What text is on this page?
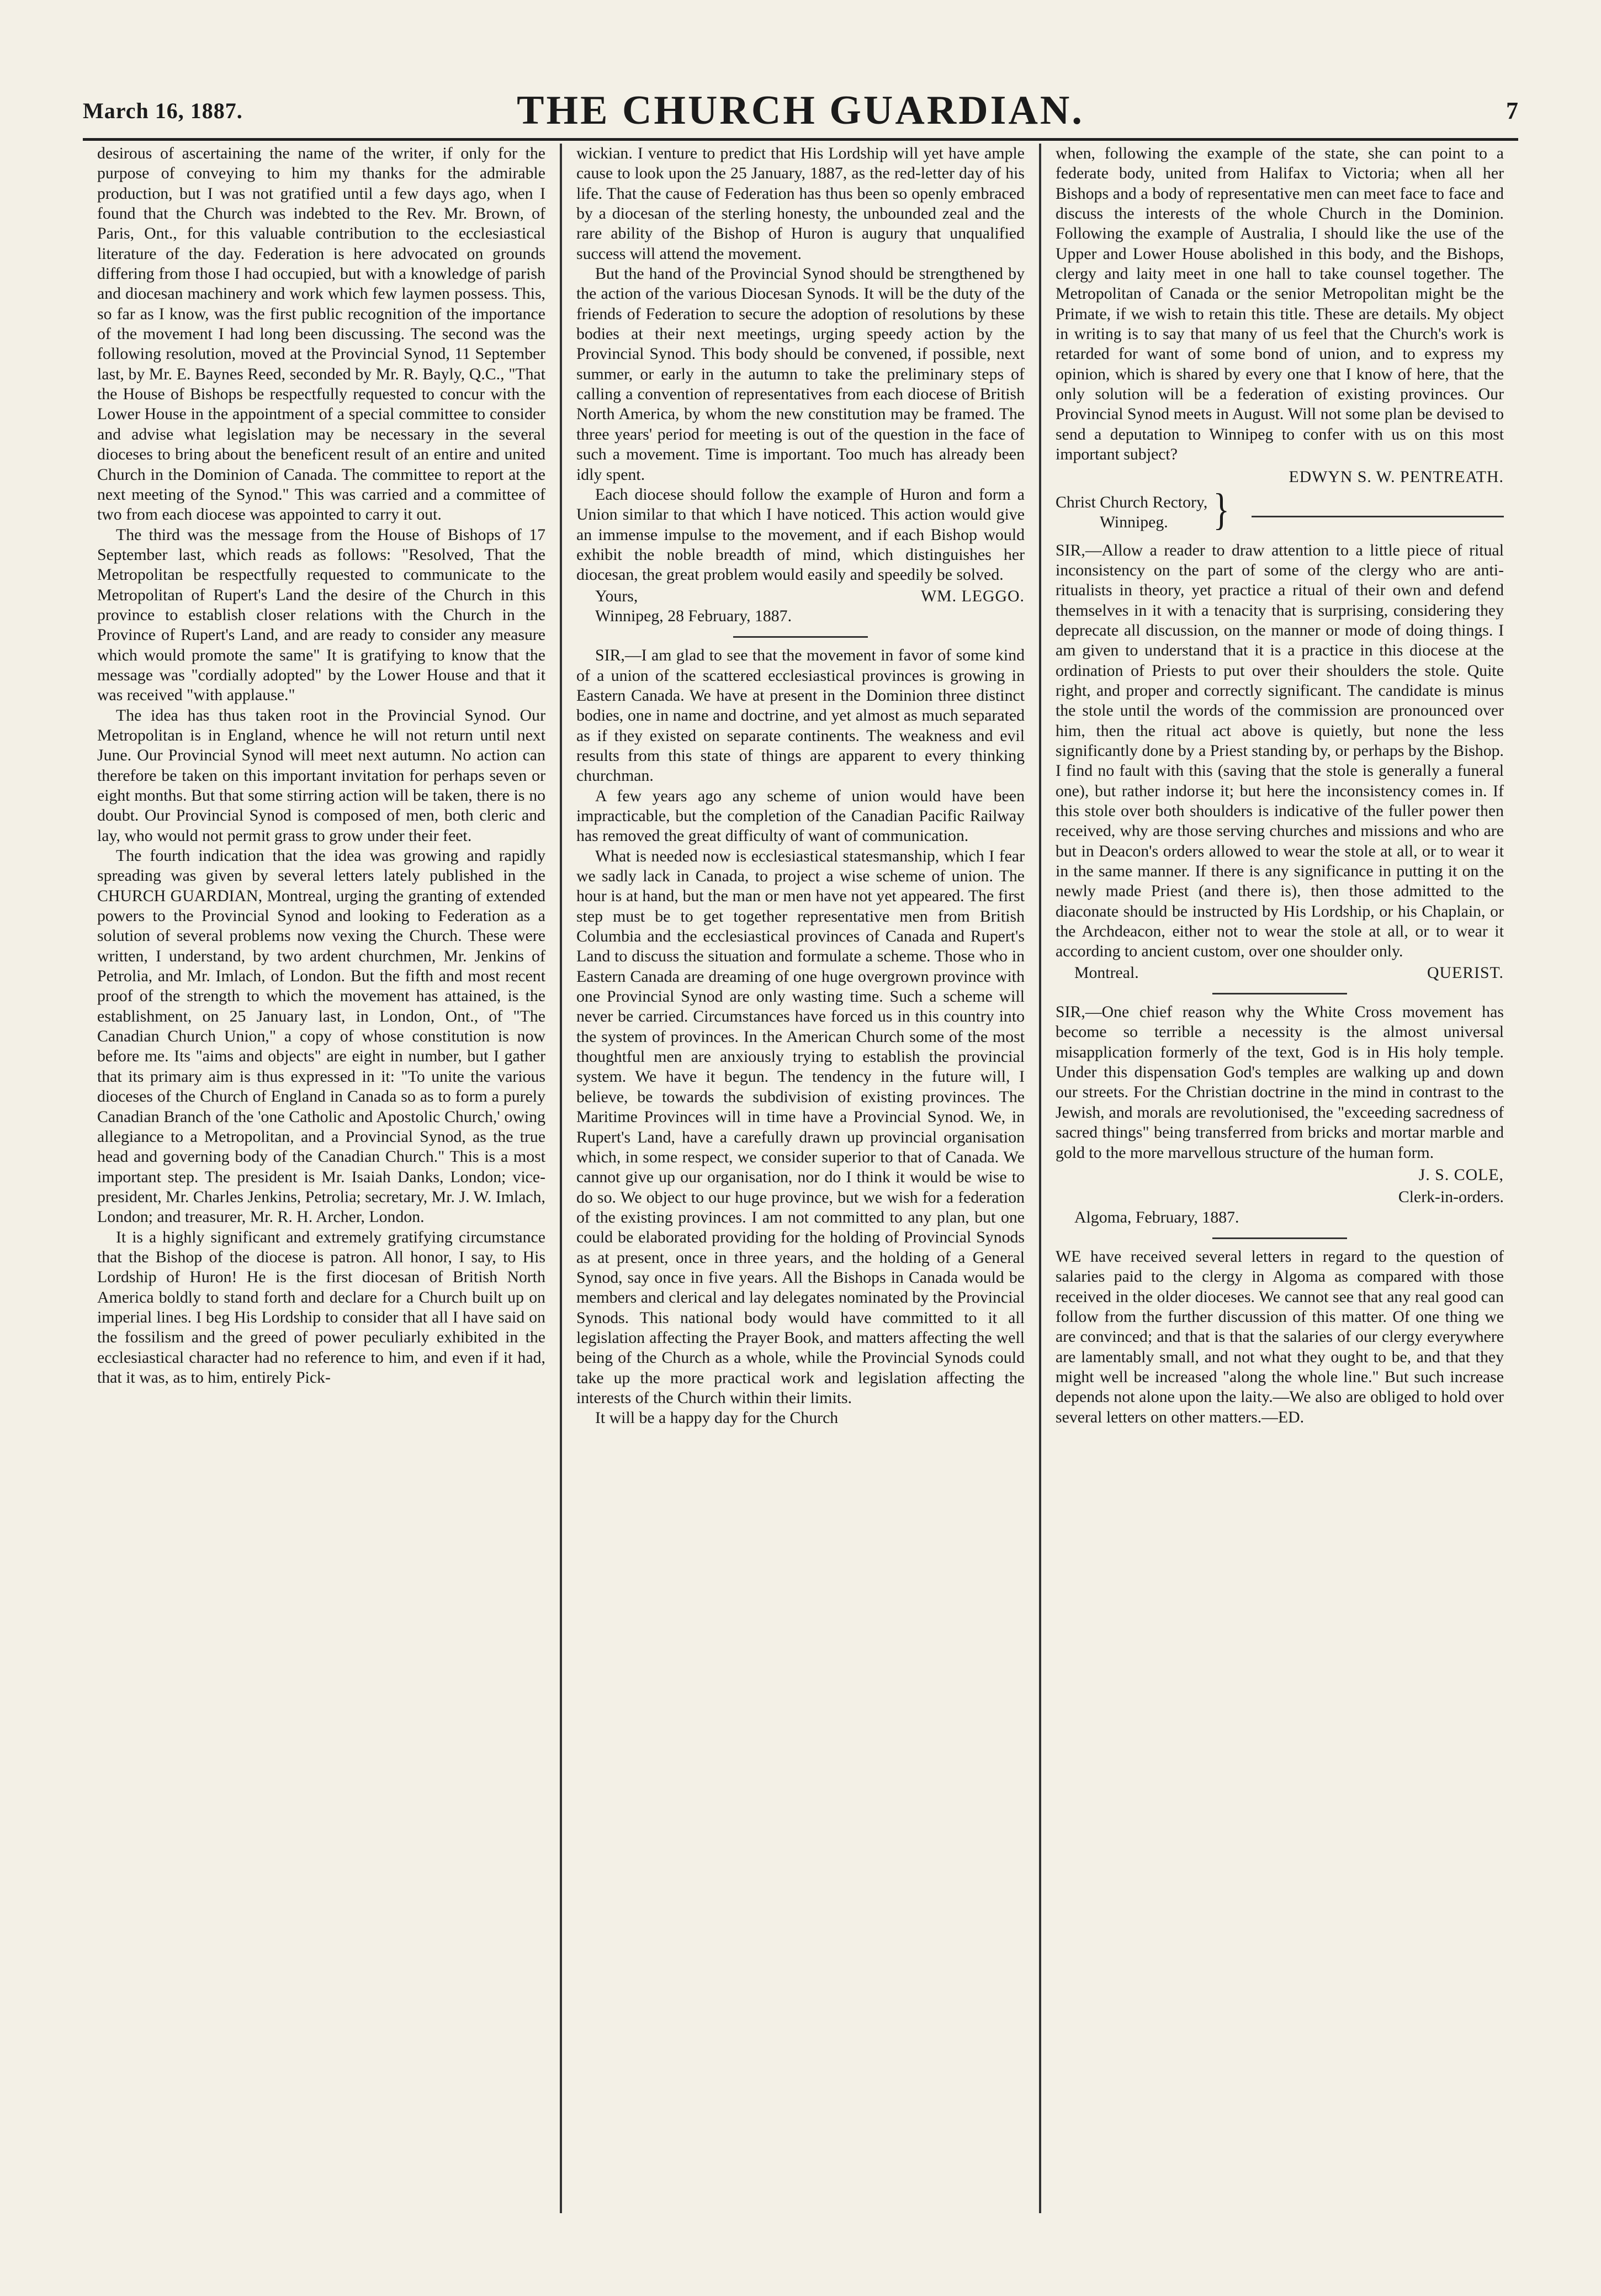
March 16, 1887.	THE CHURCH GUARDIAN.	7

desirous of ascertaining the name of the writer, if only for the purpose of conveying to him my thanks for the admirable production, but I was not gratified until a few days ago, when I found that the Church was indebted to the Rev. Mr. Brown, of Paris, Ont., for this valuable contribution to the ecclesiastical literature of the day. Federation is here advocated on grounds differing from those I had occupied, but with a knowledge of parish and diocesan machinery and work which few laymen possess. This, so far as I know, was the first public recognition of the importance of the movement I had long been discussing. The second was the following resolution, moved at the Provincial Synod, 11 September last, by Mr. E. Baynes Reed, seconded by Mr. R. Bayly, Q.C., "That the House of Bishops be respectfully requested to concur with the Lower House in the appointment of a special committee to consider and advise what legislation may be necessary in the several dioceses to bring about the beneficent result of an entire and united Church in the Dominion of Canada. The committee to report at the next meeting of the Synod." This was carried and a committee of two from each diocese was appointed to carry it out.

The third was the message from the House of Bishops of 17 September last, which reads as follows: "Resolved, That the Metropolitan be respectfully requested to communicate to the Metropolitan of Rupert's Land the desire of the Church in this province to establish closer relations with the Church in the Province of Rupert's Land, and are ready to consider any measure which would promote the same" It is gratifying to know that the message was "cordially adopted" by the Lower House and that it was received "with applause."

The idea has thus taken root in the Provincial Synod. Our Metropolitan is in England, whence he will not return until next June. Our Provincial Synod will meet next autumn. No action can therefore be taken on this important invitation for perhaps seven or eight months. But that some stirring action will be taken, there is no doubt. Our Provincial Synod is composed of men, both cleric and lay, who would not permit grass to grow under their feet.

The fourth indication that the idea was growing and rapidly spreading was given by several letters lately published in the CHURCH GUARDIAN, Montreal, urging the granting of extended powers to the Provincial Synod and looking to Federation as a solution of several problems now vexing the Church. These were written, I understand, by two ardent churchmen, Mr. Jenkins of Petrolia, and Mr. Imlach, of London. But the fifth and most recent proof of the strength to which the movement has attained, is the establishment, on 25 January last, in London, Ont., of "The Canadian Church Union," a copy of whose constitution is now before me. Its "aims and objects" are eight in number, but I gather that its primary aim is thus expressed in it: "To unite the various dioceses of the Church of England in Canada so as to form a purely Canadian Branch of the 'one Catholic and Apostolic Church,' owing allegiance to a Metropolitan, and a Provincial Synod, as the true head and governing body of the Canadian Church." This is a most important step. The president is Mr. Isaiah Danks, London; vice-president, Mr. Charles Jenkins, Petrolia; secretary, Mr. J. W. Imlach, London; and treasurer, Mr. R. H. Archer, London.

It is a highly significant and extremely gratifying circumstance that the Bishop of the diocese is patron. All honor, I say, to His Lordship of Huron! He is the first diocesan of British North America boldly to stand forth and declare for a Church built up on imperial lines. I beg His Lordship to consider that all I have said on the fossilism and the greed of power peculiarly exhibited in the ecclesiastical character had no reference to him, and even if it had, that it was, as to him, entirely Pick-

wickian. I venture to predict that His Lordship will yet have ample cause to look upon the 25 January, 1887, as the red-letter day of his life. That the cause of Federation has thus been so openly embraced by a diocesan of the sterling honesty, the unbounded zeal and the rare ability of the Bishop of Huron is augury that unqualified success will attend the movement.

But the hand of the Provincial Synod should be strengthened by the action of the various Diocesan Synods. It will be the duty of the friends of Federation to secure the adoption of resolutions by these bodies at their next meetings, urging speedy action by the Provincial Synod. This body should be convened, if possible, next summer, or early in the autumn to take the preliminary steps of calling a convention of representatives from each diocese of British North America, by whom the new constitution may be framed. The three years' period for meeting is out of the question in the face of such a movement. Time is important. Too much has already been idly spent.

Each diocese should follow the example of Huron and form a Union similar to that which I have noticed. This action would give an immense impulse to the movement, and if each Bishop would exhibit the noble breadth of mind, which distinguishes her diocesan, the great problem would easily and speedily be solved.

Yours,	WM. LEGGO.
Winnipeg, 28 February, 1887.

SIR,—I am glad to see that the movement in favor of some kind of a union of the scattered ecclesiastical provinces is growing in Eastern Canada. We have at present in the Dominion three distinct bodies, one in name and doctrine, and yet almost as much separated as if they existed on separate continents. The weakness and evil results from this state of things are apparent to every thinking churchman.

A few years ago any scheme of union would have been impracticable, but the completion of the Canadian Pacific Railway has removed the great difficulty of want of communication.

What is needed now is ecclesiastical statesmanship, which I fear we sadly lack in Canada, to project a wise scheme of union. The hour is at hand, but the man or men have not yet appeared. The first step must be to get together representative men from British Columbia and the ecclesiastical provinces of Canada and Rupert's Land to discuss the situation and formulate a scheme. Those who in Eastern Canada are dreaming of one huge overgrown province with one Provincial Synod are only wasting time. Such a scheme will never be carried. Circumstances have forced us in this country into the system of provinces. In the American Church some of the most thoughtful men are anxiously trying to establish the provincial system. We have it begun. The tendency in the future will, I believe, be towards the subdivision of existing provinces. The Maritime Provinces will in time have a Provincial Synod. We, in Rupert's Land, have a carefully drawn up provincial organisation which, in some respect, we consider superior to that of Canada. We cannot give up our organisation, nor do I think it would be wise to do so. We object to our huge province, but we wish for a federation of the existing provinces. I am not committed to any plan, but one could be elaborated providing for the holding of Provincial Synods as at present, once in three years, and the holding of a General Synod, say once in five years. All the Bishops in Canada would be members and clerical and lay delegates nominated by the Provincial Synods. This national body would have committed to it all legislation affecting the Prayer Book, and matters affecting the well being of the Church as a whole, while the Provincial Synods could take up the more practical work and legislation affecting the interests of the Church within their limits.

It will be a happy day for the Church

when, following the example of the state, she can point to a federate body, united from Halifax to Victoria; when all her Bishops and a body of representative men can meet face to face and discuss the interests of the whole Church in the Dominion. Following the example of Australia, I should like the use of the Upper and Lower House abolished in this body, and the Bishops, clergy and laity meet in one hall to take counsel together. The Metropolitan of Canada or the senior Metropolitan might be the Primate, if we wish to retain this title. These are details. My object in writing is to say that many of us feel that the Church's work is retarded for want of some bond of union, and to express my opinion, which is shared by every one that I know of here, that the only solution will be a federation of existing provinces. Our Provincial Synod meets in August. Will not some plan be devised to send a deputation to Winnipeg to confer with us on this most important subject?

EDWYN S. W. PENTREATH.
Christ Church Rectory,
Winnipeg.	}

SIR,—Allow a reader to draw attention to a little piece of ritual inconsistency on the part of some of the clergy who are anti-ritualists in theory, yet practice a ritual of their own and defend themselves in it with a tenacity that is surprising, considering they deprecate all discussion, on the manner or mode of doing things. I am given to understand that it is a practice in this diocese at the ordination of Priests to put over their shoulders the stole. Quite right, and proper and correctly significant. The candidate is minus the stole until the words of the commission are pronounced over him, then the ritual act above is quietly, but none the less significantly done by a Priest standing by, or perhaps by the Bishop. I find no fault with this (saving that the stole is generally a funeral one), but rather indorse it; but here the inconsistency comes in. If this stole over both shoulders is indicative of the fuller power then received, why are those serving churches and missions and who are but in Deacon's orders allowed to wear the stole at all, or to wear it in the same manner. If there is any significance in putting it on the newly made Priest (and there is), then those admitted to the diaconate should be instructed by His Lordship, or his Chaplain, or the Archdeacon, either not to wear the stole at all, or to wear it according to ancient custom, over one shoulder only.

Montreal.	QUERIST.

SIR,—One chief reason why the White Cross movement has become so terrible a necessity is the almost universal misapplication formerly of the text, God is in His holy temple. Under this dispensation God's temples are walking up and down our streets. For the Christian doctrine in the mind in contrast to the Jewish, and morals are revolutionised, the "exceeding sacredness of sacred things" being transferred from bricks and mortar marble and gold to the more marvellous structure of the human form.

J. S. COLE,
Clerk-in-orders.
Algoma, February, 1887.

WE have received several letters in regard to the question of salaries paid to the clergy in Algoma as compared with those received in the older dioceses. We cannot see that any real good can follow from the further discussion of this matter. Of one thing we are convinced; and that is that the salaries of our clergy everywhere are lamentably small, and not what they ought to be, and that they might well be increased "along the whole line." But such increase depends not alone upon the laity.—We also are obliged to hold over several letters on other matters.—ED.
